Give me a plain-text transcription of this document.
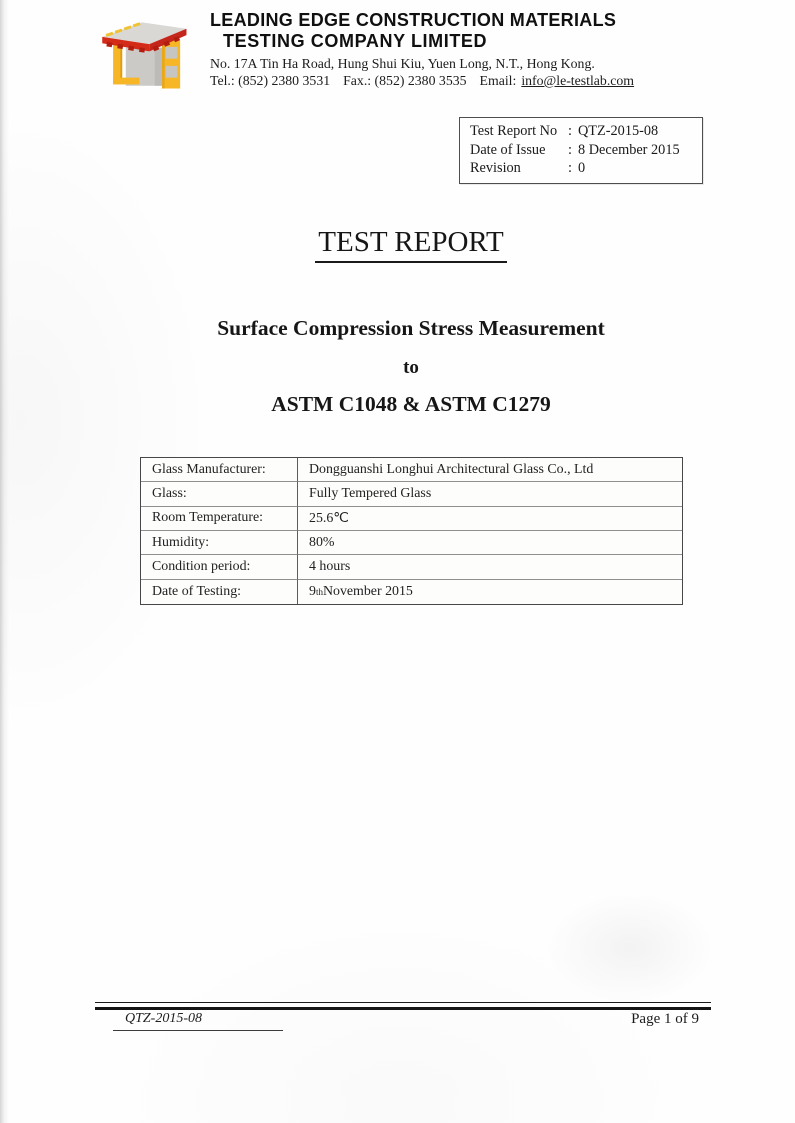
LEADING EDGE CONSTRUCTION MATERIALS
TESTING COMPANY LIMITED
No. 17A Tin Ha Road, Hung Shui Kiu, Yuen Long, N.T., Hong Kong.
Tel.: (852) 2380 3531 Fax.: (852) 2380 3535 Email: info@le-testlab.com
Test Report No : QTZ-2015-08
Date of Issue	: 8 December 2015
Revision	: 0
TEST REPORT
Surface Compression Stress Measurement
to
ASTM C1048 & ASTM C1279
Glass Manufacturer:	Dongguanshi Longhui Architectural Glass Co., Ltd
Glass:	Fully Tempered Glass
Room Temperature:	25.6℃
Humidity:	80%
Condition period:	4 hours
Date of Testing:	9 th November 2015
QTZ-2015-08	Page 1 of 9
